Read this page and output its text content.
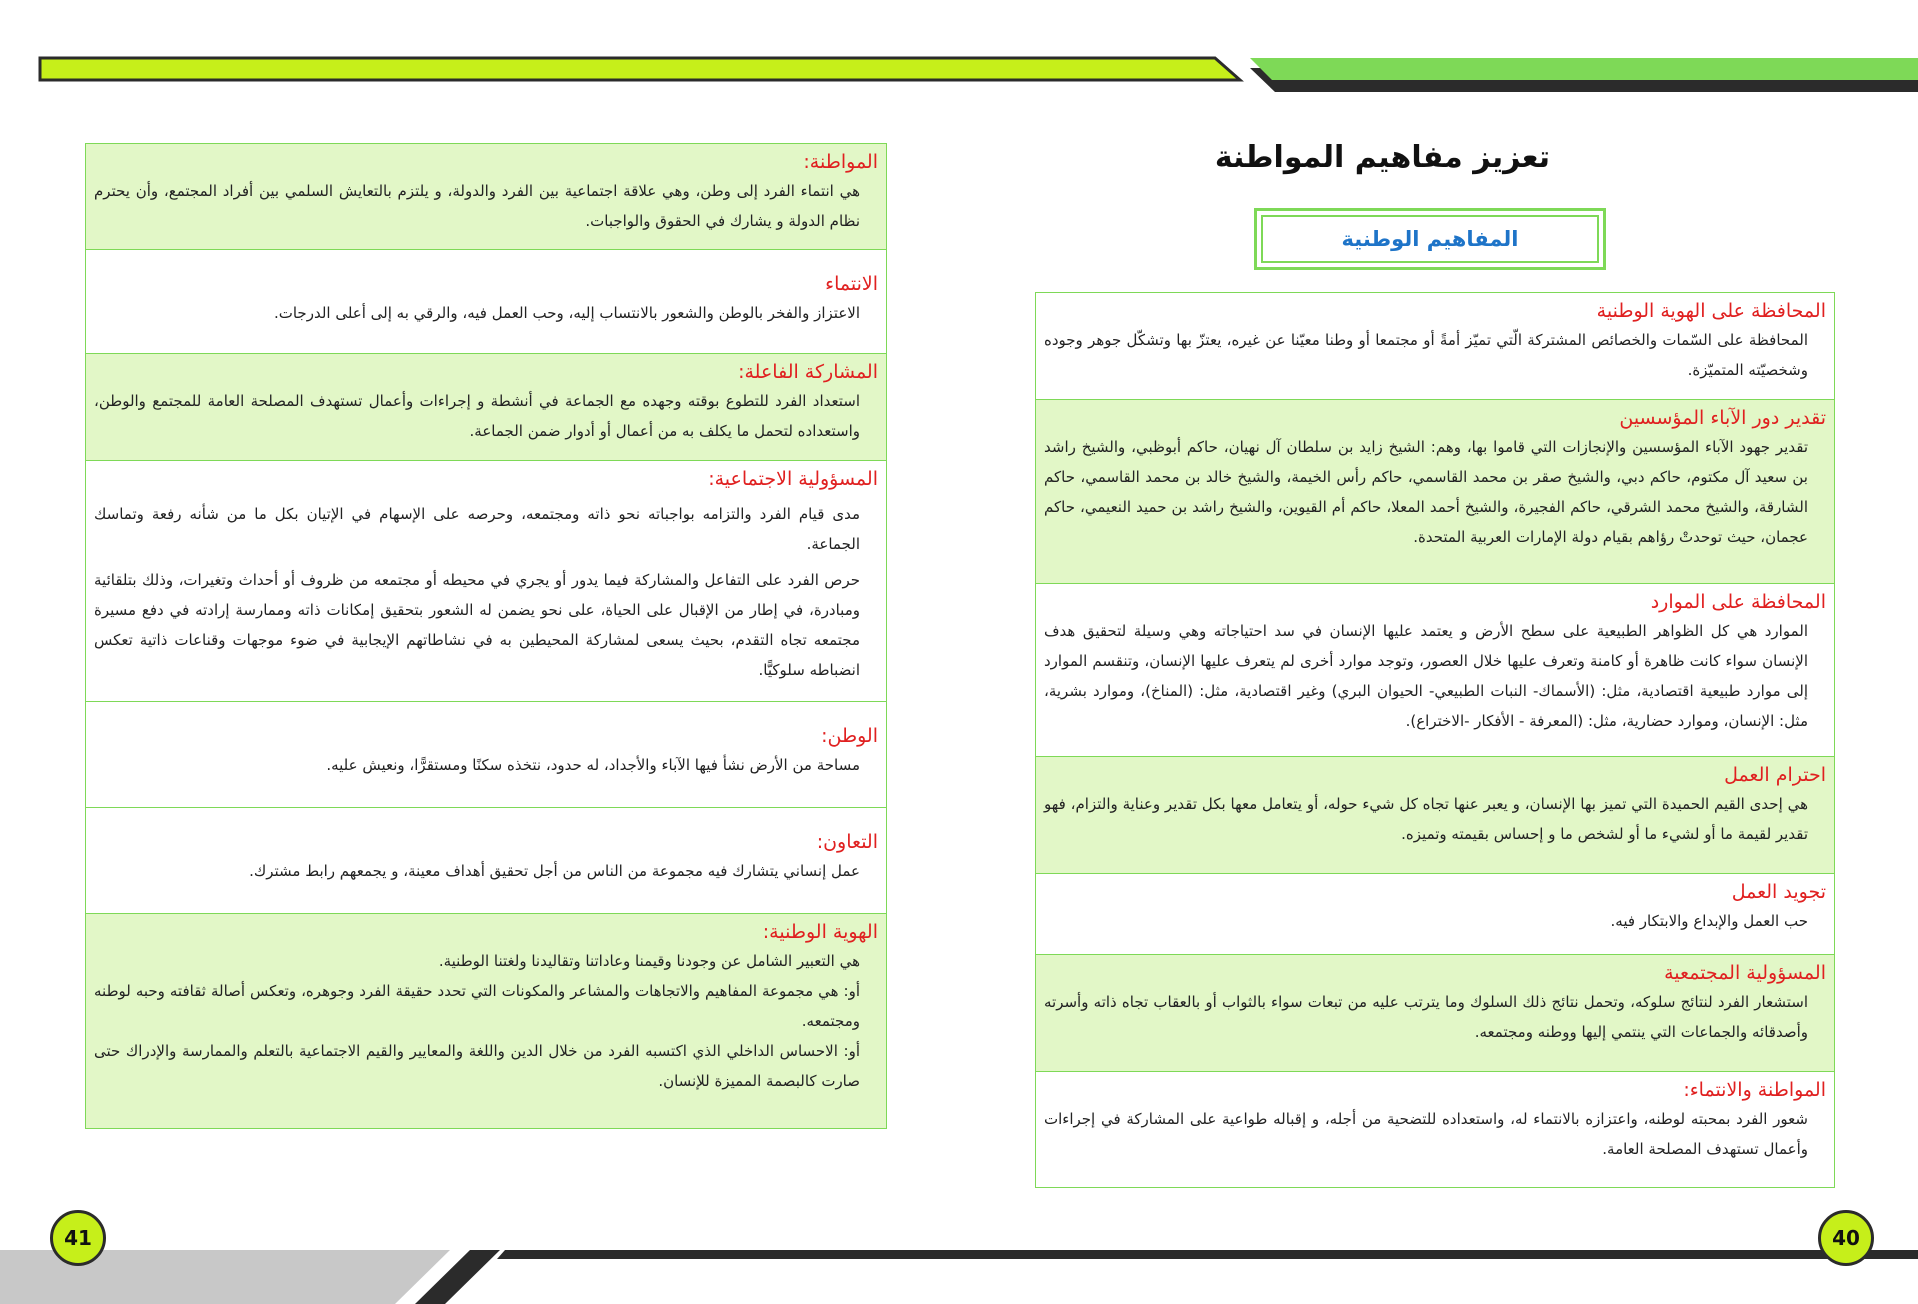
تعزيز مفاهيم المواطنة
المفاهيم الوطنية
المواطنة:

هي انتماء الفرد إلى وطن، وهي علاقة اجتماعية بين الفرد والدولة، و يلتزم بالتعايش السلمي بين أفراد المجتمع، وأن يحترم نظام الدولة و يشارك في الحقوق والواجبات.

الانتماء

الاعتزاز والفخر بالوطن والشعور بالانتساب إليه، وحب العمل فيه، والرقي به إلى أعلى الدرجات.

المشاركة الفاعلة:

استعداد الفرد للتطوع بوقته وجهده مع الجماعة في أنشطة و إجراءات وأعمال تستهدف المصلحة العامة للمجتمع والوطن، واستعداده لتحمل ما يكلف به من أعمال أو أدوار ضمن الجماعة.

المسؤولية الاجتماعية:

مدى قيام الفرد والتزامه بواجباته نحو ذاته ومجتمعه، وحرصه على الإسهام في الإتيان بكل ما من شأنه رفعة وتماسك الجماعة.

حرص الفرد على التفاعل والمشاركة فيما يدور أو يجري في محيطه أو مجتمعه من ظروف أو أحداث وتغيرات، وذلك بتلقائية ومبادرة، في إطار من الإقبال على الحياة، على نحو يضمن له الشعور بتحقيق إمكانات ذاته وممارسة إرادته في دفع مسيرة مجتمعه تجاه التقدم، بحيث يسعى لمشاركة المحيطين به في نشاطاتهم الإيجابية في ضوء موجهات وقناعات ذاتية تعكس انضباطه سلوكيًّا.

الوطن:

مساحة من الأرض نشأ فيها الآباء والأجداد، له حدود، نتخذه سكنًا ومستقرًّا، ونعيش عليه.

التعاون:

عمل إنساني يتشارك فيه مجموعة من الناس من أجل تحقيق أهداف معينة، و يجمعهم رابط مشترك.

الهوية الوطنية:

هي التعبير الشامل عن وجودنا وقيمنا وعاداتنا وتقاليدنا ولغتنا الوطنية.

أو: هي مجموعة المفاهيم والاتجاهات والمشاعر والمكونات التي تحدد حقيقة الفرد وجوهره، وتعكس أصالة ثقافته وحبه لوطنه ومجتمعه.

أو: الاحساس الداخلي الذي اكتسبه الفرد من خلال الدين واللغة والمعايير والقيم الاجتماعية بالتعلم والممارسة والإدراك حتى صارت كالبصمة المميزة للإنسان.

المحافظة على الهوية الوطنية

المحافظة على السّمات والخصائص المشتركة الّتي تميّز أمةً أو مجتمعا أو وطنا معيّنا عن غيره، يعتزّ بها وتشكّل جوهر وجوده وشخصيّته المتميّزة.

تقدير دور الآباء المؤسسين

تقدير جهود الآباء المؤسسين والإنجازات التي قاموا بها، وهم: الشيخ زايد بن سلطان آل نهيان، حاكم أبوظبي، والشيخ راشد بن سعيد آل مكتوم، حاكم دبي، والشيخ صقر بن محمد القاسمي، حاكم رأس الخيمة، والشيخ خالد بن محمد القاسمي، حاكم الشارقة، والشيخ محمد الشرقي، حاكم الفجيرة، والشيخ أحمد المعلا، حاكم أم القيوين، والشيخ راشد بن حميد النعيمي، حاكم عجمان، حيث توحدتْ رؤاهم بقيام دولة الإمارات العربية المتحدة.

المحافظة على الموارد

الموارد هي كل الظواهر الطبيعية على سطح الأرض و يعتمد عليها الإنسان في سد احتياجاته وهي وسيلة لتحقيق هدف الإنسان سواء كانت ظاهرة أو كامنة وتعرف عليها خلال العصور، وتوجد موارد أخرى لم يتعرف عليها الإنسان، وتنقسم الموارد إلى موارد طبيعية اقتصادية، مثل: (الأسماك- النبات الطبيعي- الحيوان البري) وغير اقتصادية، مثل: (المناخ)، وموارد بشرية، مثل: الإنسان، وموارد حضارية، مثل: (المعرفة - الأفكار -الاختراع).

احترام العمل

هي إحدى القيم الحميدة التي تميز بها الإنسان، و يعبر عنها تجاه كل شيء حوله، أو يتعامل معها بكل تقدير وعناية والتزام، فهو تقدير لقيمة ما أو لشيء ما أو لشخص ما و إحساس بقيمته وتميزه.

تجويد العمل

حب العمل والإبداع والابتكار فيه.

المسؤولية المجتمعية

استشعار الفرد لنتائج سلوكه، وتحمل نتائج ذلك السلوك وما يترتب عليه من تبعات سواء بالثواب أو بالعقاب تجاه ذاته وأسرته وأصدقائه والجماعات التي ينتمي إليها ووطنه ومجتمعه.

المواطنة والانتماء:

شعور الفرد بمحبته لوطنه، واعتزازه بالانتماء له، واستعداده للتضحية من أجله، و إقباله طواعية على المشاركة في إجراءات وأعمال تستهدف المصلحة العامة.

41	40
